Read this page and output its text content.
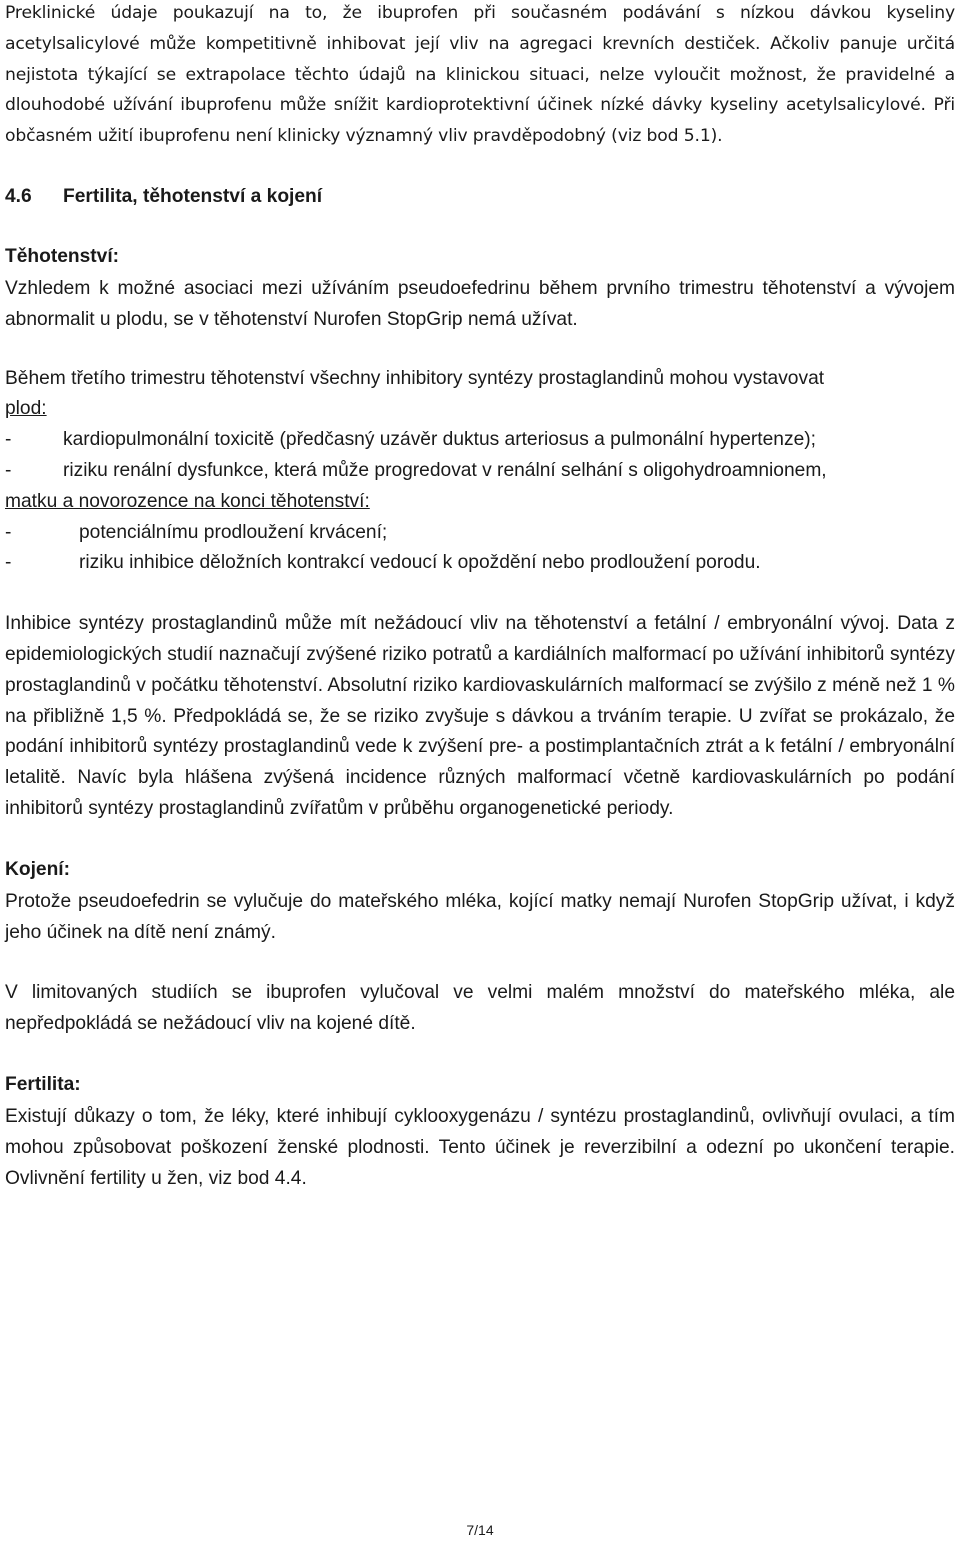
Preklinické údaje poukazují na to, že ibuprofen při současném podávání s nízkou dávkou kyseliny acetylsalicylové může kompetitivně inhibovat její vliv na agregaci krevních destiček. Ačkoliv panuje určitá nejistota týkající se extrapolace těchto údajů na klinickou situaci, nelze vyloučit možnost, že pravidelné a dlouhodobé užívání ibuprofenu může snížit kardioprotektivní účinek nízké dávky kyseliny acetylsalicylové. Při občasném užití ibuprofenu není klinicky významný vliv pravděpodobný (viz bod 5.1).

4.6 Fertilita, těhotenství a kojení

Těhotenství:

Vzhledem k možné asociaci mezi užíváním pseudoefedrinu během prvního trimestru těhotenství a vývojem abnormalit u plodu, se v těhotenství Nurofen StopGrip nemá užívat.

Během třetího trimestru těhotenství všechny inhibitory syntézy prostaglandinů mohou vystavovat

plod:

-	kardiopulmonální toxicitě (předčasný uzávěr duktus arteriosus a pulmonální hypertenze);
-	riziku renální dysfunkce, která může progredovat v renální selhání s oligohydroamnionem,

matku a novorozence na konci těhotenství:

-	potenciálnímu prodloužení krvácení;
-	riziku inhibice děložních kontrakcí vedoucí k opoždění nebo prodloužení porodu.

Inhibice syntézy prostaglandinů může mít nežádoucí vliv na těhotenství a fetální / embryonální vývoj. Data z epidemiologických studií naznačují zvýšené riziko potratů a kardiálních malformací po užívání inhibitorů syntézy prostaglandinů v počátku těhotenství. Absolutní riziko kardiovaskulárních malformací se zvýšilo z méně než 1 % na přibližně 1,5 %. Předpokládá se, že se riziko zvyšuje s dávkou a trváním terapie. U zvířat se prokázalo, že podání inhibitorů syntézy prostaglandinů vede k zvýšení pre- a postimplantačních ztrát a k fetální / embryonální letalitě. Navíc byla hlášena zvýšená incidence různých malformací včetně kardiovaskulárních po podání inhibitorů syntézy prostaglandinů zvířatům v průběhu organogenetické periody.

Kojení:

Protože pseudoefedrin se vylučuje do mateřského mléka, kojící matky nemají Nurofen StopGrip užívat, i když jeho účinek na dítě není známý.

V limitovaných studiích se ibuprofen vylučoval ve velmi malém množství do mateřského mléka, ale nepředpokládá se nežádoucí vliv na kojené dítě.

Fertilita:

Existují důkazy o tom, že léky, které inhibují cyklooxygenázu / syntézu prostaglandinů, ovlivňují ovulaci, a tím mohou způsobovat poškození ženské plodnosti. Tento účinek je reverzibilní a odezní po ukončení terapie. Ovlivnění fertility u žen, viz bod 4.4.

7/14
